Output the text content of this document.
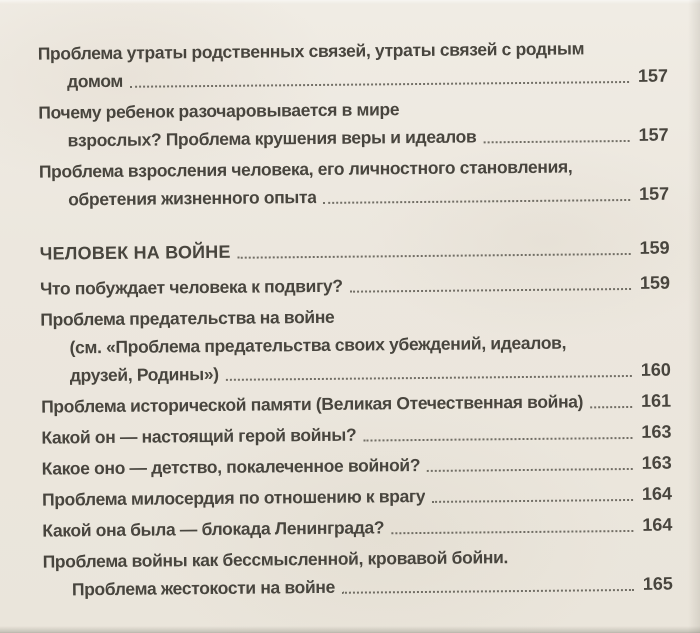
Проблема утраты родственных связей, утраты связей с родным
домом	157
Почему ребенок разочаровывается в мире
взрослых? Проблема крушения веры и идеалов	157
Проблема взросления человека, его личностного становления,
обретения жизненного опыта	157
ЧЕЛОВЕК НА ВОЙНЕ	159
Что побуждает человека к подвигу?	159
Проблема предательства на войне
(см. «Проблема предательства своих убеждений, идеалов,
друзей, Родины»)	160
Проблема исторической памяти (Великая Отечественная война)	161
Какой он — настоящий герой войны?	163
Какое оно — детство, покалеченное войной?	163
Проблема милосердия по отношению к врагу	164
Какой она была — блокада Ленинграда?	164
Проблема войны как бессмысленной, кровавой бойни.
Проблема жестокости на войне	165
